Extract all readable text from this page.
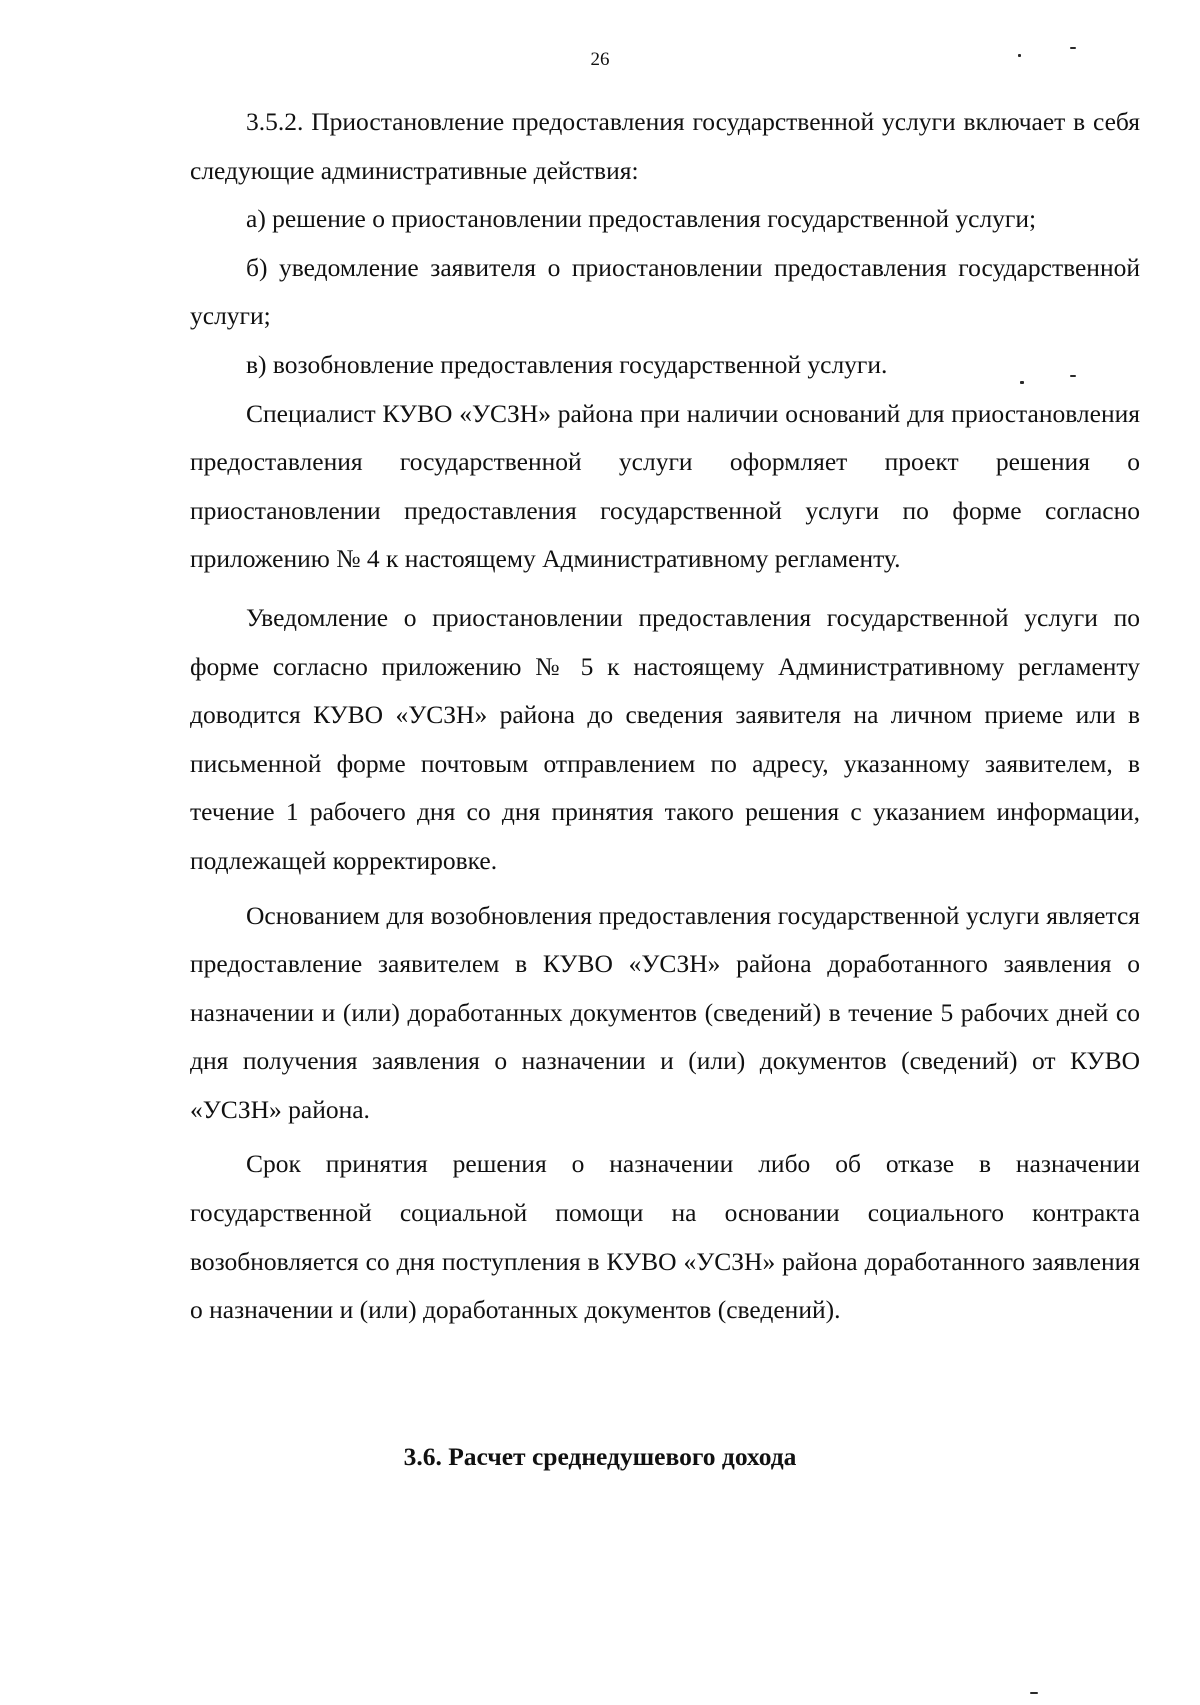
26

3.5.2. Приостановление предоставления государственной услуги включает в себя следующие административные действия:

а) решение о приостановлении предоставления государственной услуги;

б) уведомление заявителя о приостановлении предоставления государственной услуги;

в) возобновление предоставления государственной услуги.

Специалист КУВО «УСЗН» района при наличии оснований для приостановления предоставления государственной услуги оформляет проект решения о приостановлении предоставления государственной услуги по форме согласно приложению № 4 к настоящему Административному регламенту.

Уведомление о приостановлении предоставления государственной услуги по форме согласно приложению № 5 к настоящему Административному регламенту доводится КУВО «УСЗН» района до сведения заявителя на личном приеме или в письменной форме почтовым отправлением по адресу, указанному заявителем, в течение 1 рабочего дня со дня принятия такого решения с указанием информации, подлежащей корректировке.

Основанием для возобновления предоставления государственной услуги является предоставление заявителем в КУВО «УСЗН» района доработанного заявления о назначении и (или) доработанных документов (сведений) в течение 5 рабочих дней со дня получения заявления о назначении и (или) документов (сведений) от КУВО «УСЗН» района.

Срок принятия решения о назначении либо об отказе в назначении государственной социальной помощи на основании социального контракта возобновляется со дня поступления в КУВО «УСЗН» района доработанного заявления о назначении и (или) доработанных документов (сведений).

3.6. Расчет среднедушевого дохода
